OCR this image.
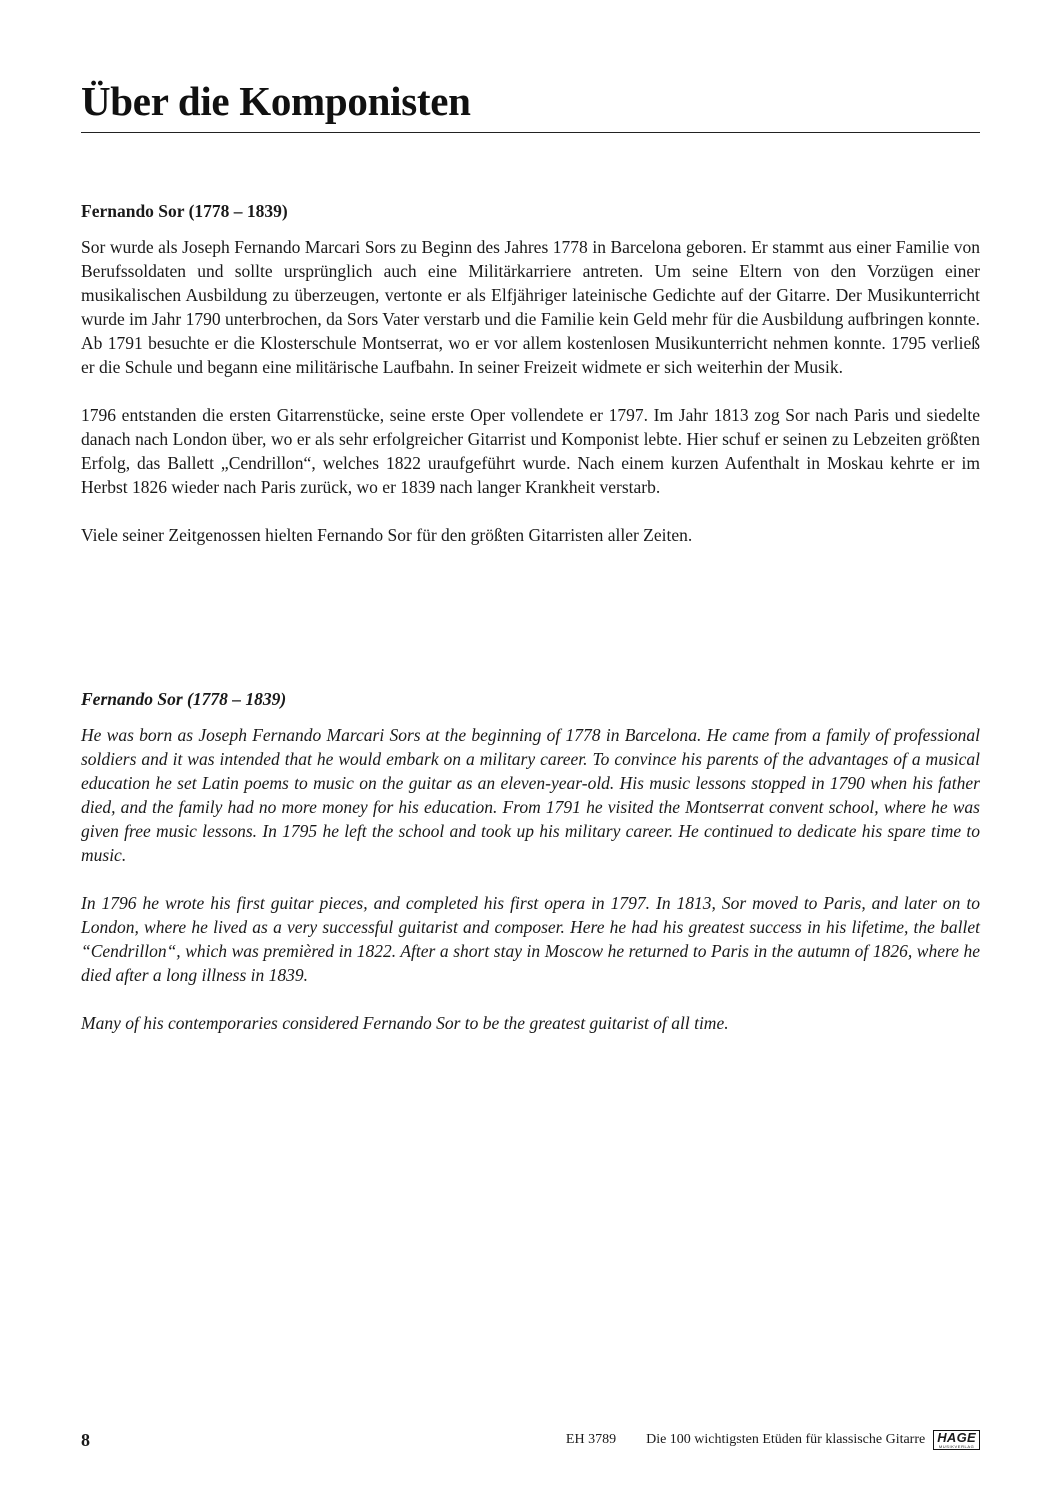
Über die Komponisten
Fernando Sor (1778 – 1839)

Sor wurde als Joseph Fernando Marcari Sors zu Beginn des Jahres 1778 in Barcelona geboren. Er stammt aus einer Familie von Berufssoldaten und sollte ursprünglich auch eine Militärkarriere antreten. Um seine Eltern von den Vorzügen einer musikalischen Ausbildung zu überzeugen, vertonte er als Elfjähriger lateinische Gedichte auf der Gitarre. Der Musikunterricht wurde im Jahr 1790 unterbrochen, da Sors Vater verstarb und die Familie kein Geld mehr für die Ausbildung aufbringen konnte. Ab 1791 besuchte er die Klosterschule Montserrat, wo er vor allem kostenlosen Musikunterricht nehmen konnte. 1795 verließ er die Schule und begann eine militärische Laufbahn. In seiner Freizeit widmete er sich weiterhin der Musik.

1796 entstanden die ersten Gitarrenstücke, seine erste Oper vollendete er 1797. Im Jahr 1813 zog Sor nach Paris und siedelte danach nach London über, wo er als sehr erfolgreicher Gitarrist und Komponist lebte. Hier schuf er seinen zu Lebzeiten größten Erfolg, das Ballett „Cendrillon“, welches 1822 uraufgeführt wurde. Nach einem kurzen Aufenthalt in Moskau kehrte er im Herbst 1826 wieder nach Paris zurück, wo er 1839 nach langer Krankheit verstarb.

Viele seiner Zeitgenossen hielten Fernando Sor für den größten Gitarristen aller Zeiten.

Fernando Sor (1778 – 1839)

He was born as Joseph Fernando Marcari Sors at the beginning of 1778 in Barcelona. He came from a family of professional soldiers and it was intended that he would embark on a military career. To convince his parents of the advantages of a musical education he set Latin poems to music on the guitar as an eleven-year-old. His music lessons stopped in 1790 when his father died, and the family had no more money for his education. From 1791 he visited the Montserrat convent school, where he was given free music lessons. In 1795 he left the school and took up his military career. He continued to dedicate his spare time to music.

In 1796 he wrote his first guitar pieces, and completed his first opera in 1797. In 1813, Sor moved to Paris, and later on to London, where he lived as a very successful guitarist and composer. Here he had his greatest success in his lifetime, the ballet “Cendrillon“, which was premièred in 1822. After a short stay in Moscow he returned to Paris in the autumn of 1826, where he died after a long illness in 1839.

Many of his contemporaries considered Fernando Sor to be the greatest guitarist of all time.

8	EH 3789 Die 100 wichtigsten Etüden für klassische Gitarre HAGE
MUSIKVERLAG
